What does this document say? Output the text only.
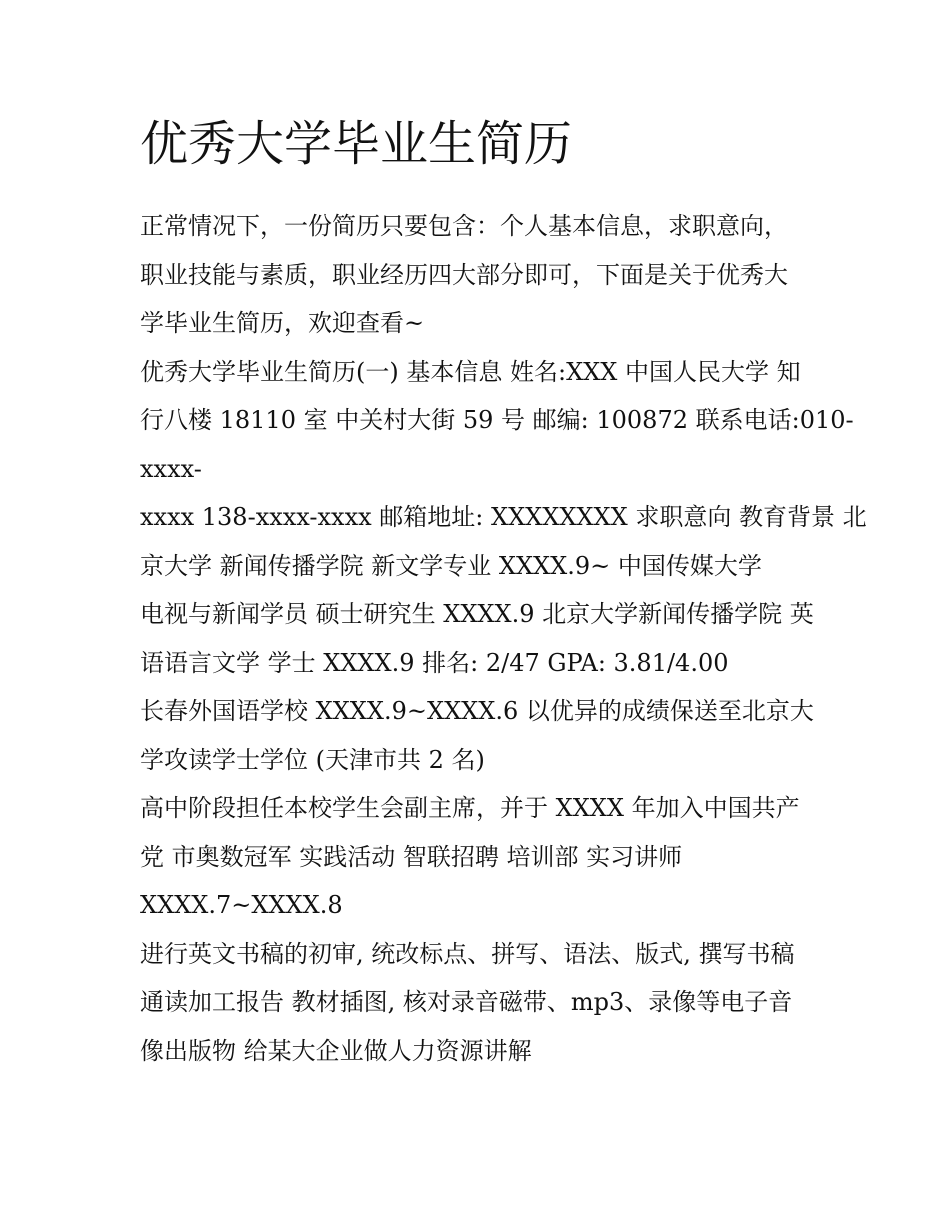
优秀大学毕业生简历
正常情况下，一份简历只要包含：个人基本信息，求职意向，
职业技能与素质，职业经历四大部分即可，下面是关于优秀大
学毕业生简历，欢迎查看~
优秀大学毕业生简历(一) 基本信息 姓名:XXX 中国人民大学 知
行八楼 18110 室 中关村大街 59 号 邮编: 100872 联系电话:010-
xxxx-
xxxx 138-xxxx-xxxx 邮箱地址: XXXXXXXX 求职意向 教育背景 北
京大学 新闻传播学院 新文学专业 XXXX.9~ 中国传媒大学
电视与新闻学员 硕士研究生 XXXX.9 北京大学新闻传播学院 英
语语言文学 学士 XXXX.9 排名: 2/47 GPA: 3.81/4.00
长春外国语学校 XXXX.9~XXXX.6 以优异的成绩保送至北京大
学攻读学士学位 (天津市共 2 名)
高中阶段担任本校学生会副主席，并于 XXXX 年加入中国共产
党 市奥数冠军 实践活动 智联招聘 培训部 实习讲师
XXXX.7~XXXX.8
进行英文书稿的初审, 统改标点、拼写、语法、版式, 撰写书稿
通读加工报告 教材插图, 核对录音磁带、mp3、录像等电子音
像出版物 给某大企业做人力资源讲解
